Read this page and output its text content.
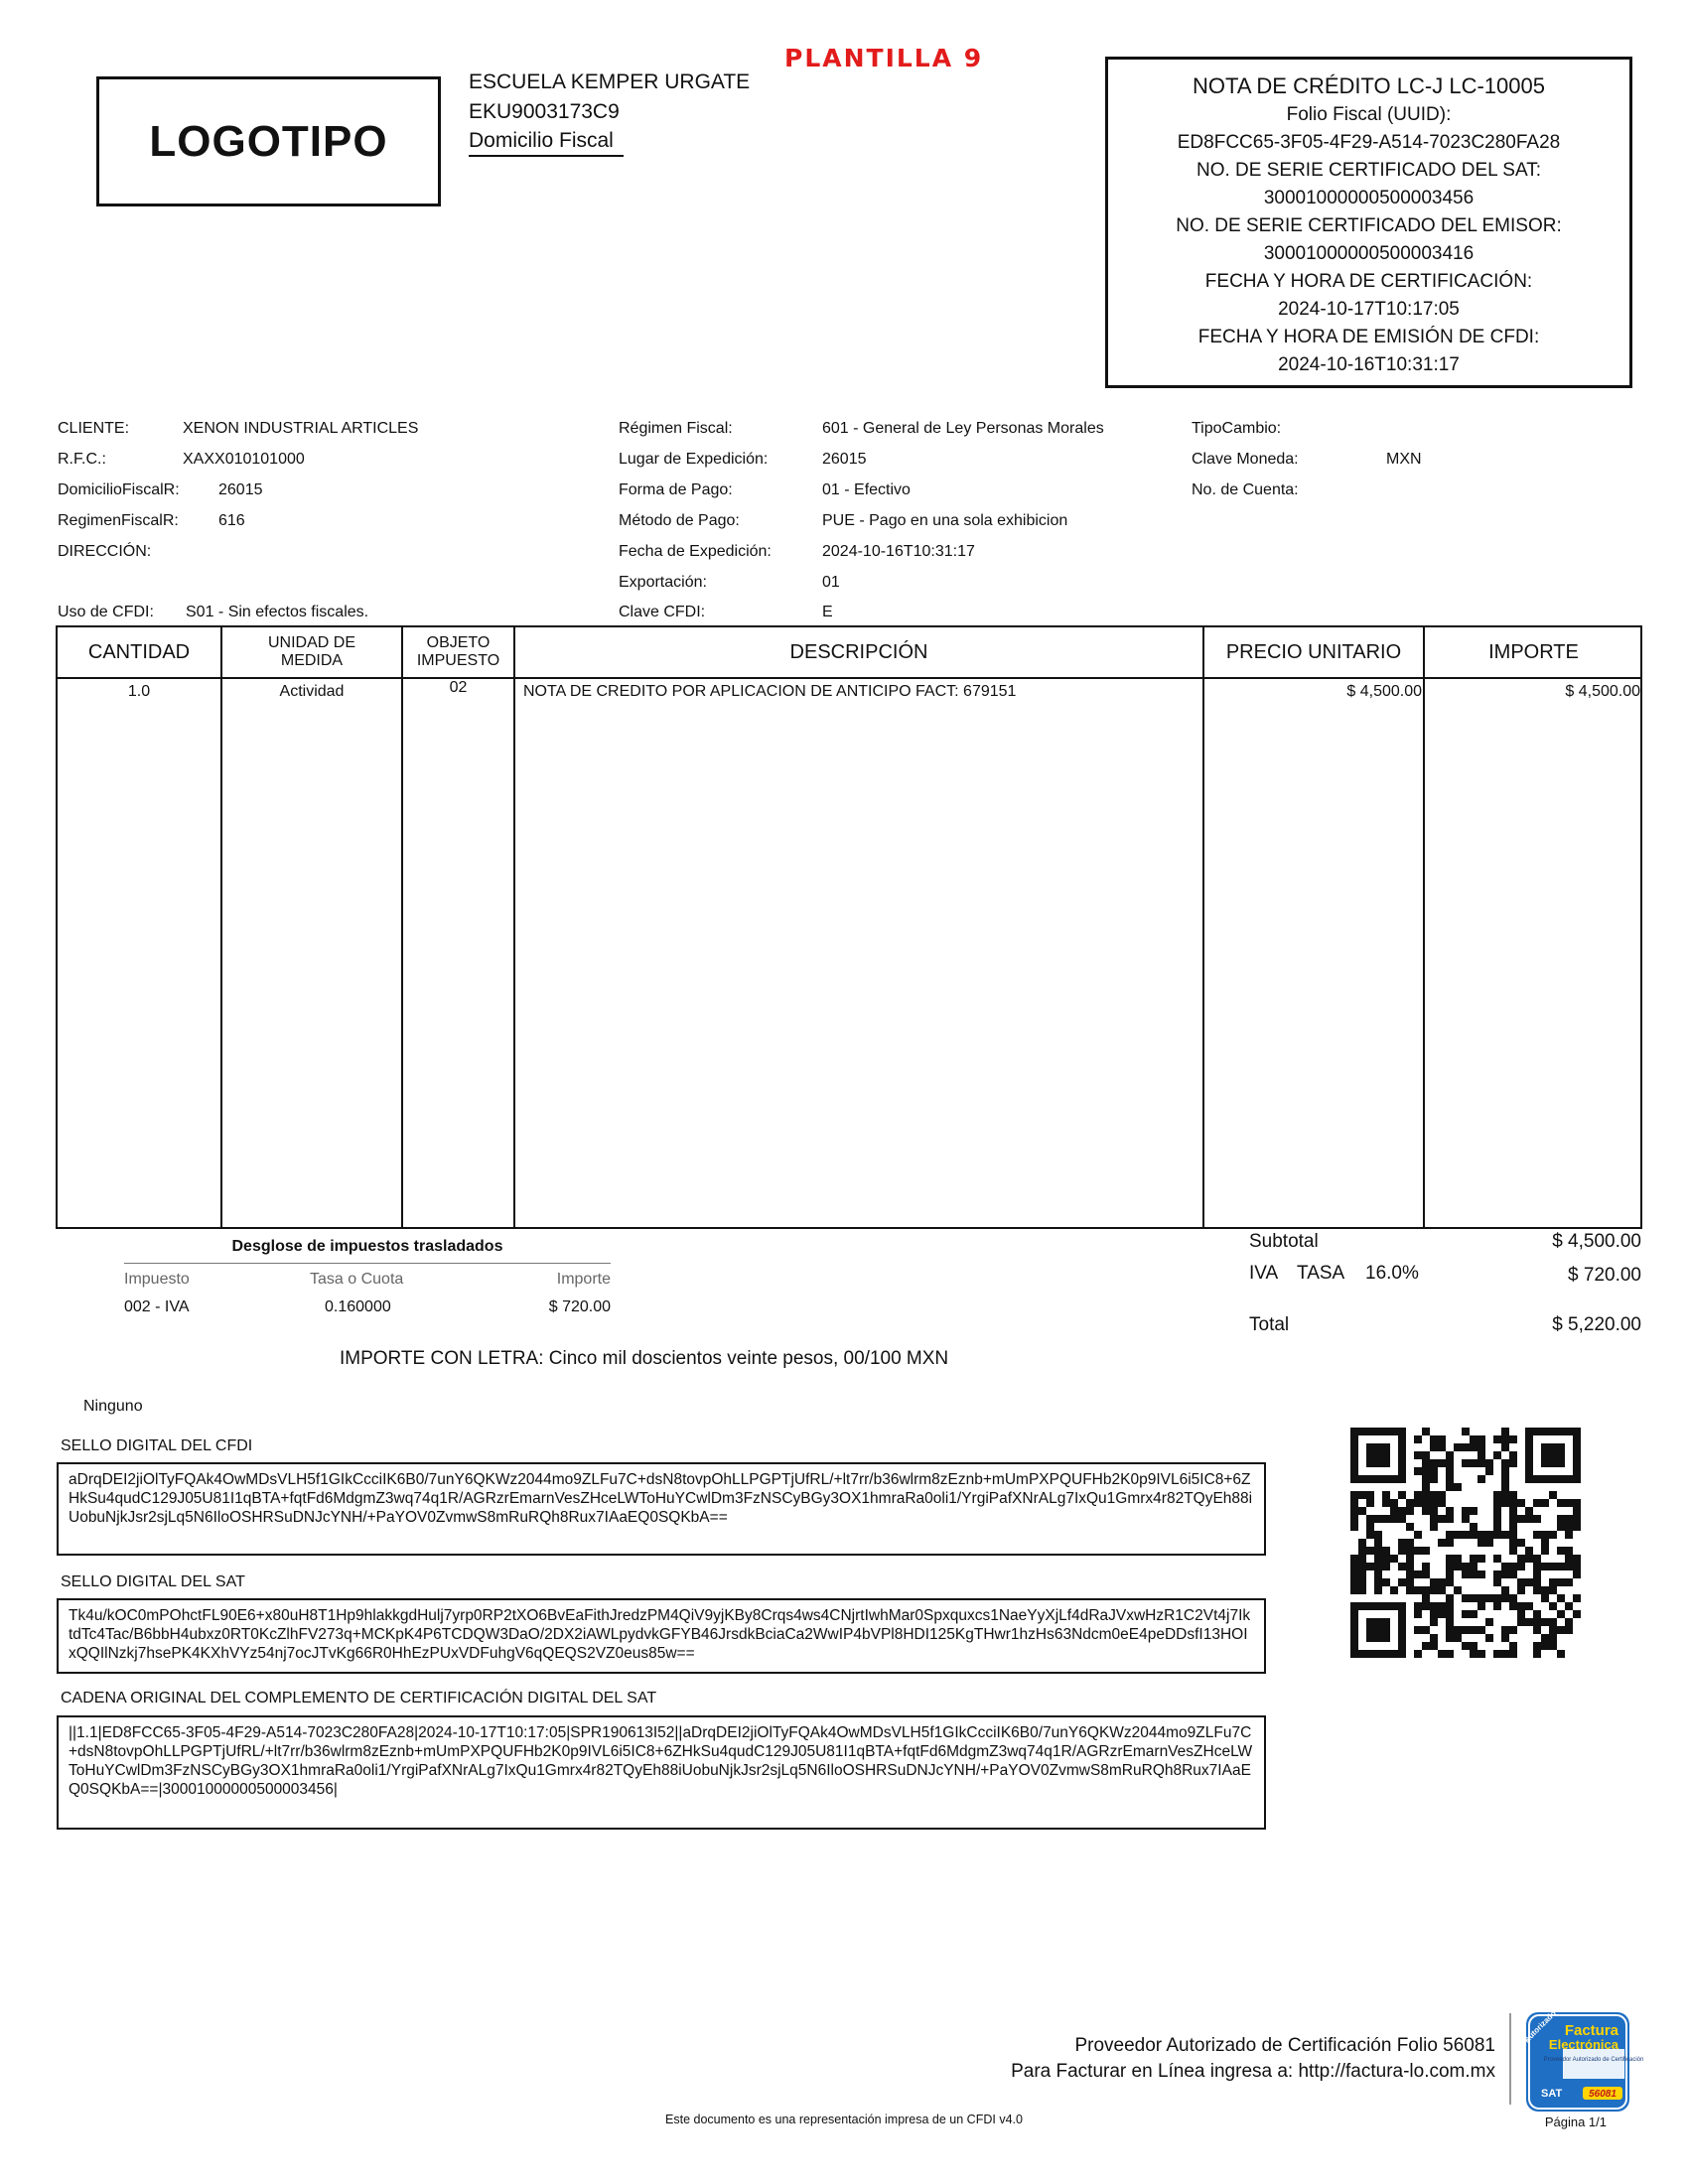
LOGOTIPO
ESCUELA KEMPER URGATE
EKU9003173C9
Domicilio Fiscal
PLANTILLA 9
NOTA DE CRÉDITO LC-J LC-10005
Folio Fiscal (UUID):
ED8FCC65-3F05-4F29-A514-7023C280FA28
NO. DE SERIE CERTIFICADO DEL SAT:
30001000000500003456
NO. DE SERIE CERTIFICADO DEL EMISOR:
30001000000500003416
FECHA Y HORA DE CERTIFICACIÓN:
2024-10-17T10:17:05
FECHA Y HORA DE EMISIÓN DE CFDI:
2024-10-16T10:31:17
CLIENTE:	XENON INDUSTRIAL ARTICLES
R.F.C.:	XAXX010101000
DomicilioFiscalR: 26015
RegimenFiscalR:	616
DIRECCIÓN:
Uso de CFDI: S01 - Sin efectos fiscales.
Régimen Fiscal:	601 - General de Ley Personas Morales
Lugar de Expedición:	26015
Forma de Pago:	01 - Efectivo
Método de Pago:	PUE - Pago en una sola exhibicion
Fecha de Expedición:	2024-10-16T10:31:17
Exportación:	01
Clave CFDI:	E
TipoCambio:
Clave Moneda:	MXN
No. de Cuenta:
CANTIDAD	UNIDAD DE
MEDIDA
OBJETO
IMPUESTO	DESCRIPCIÓN	PRECIO UNITARIO	IMPORTE
1.0	Actividad	02	NOTA DE CREDITO POR APLICACION DE ANTICIPO FACT: 679151	$ 4,500.00	$ 4,500.00
Desglose de impuestos trasladados
Impuesto	Tasa o Cuota	Importe
002 - IVA	0.160000	$ 720.00
Subtotal	$ 4,500.00
IVA TASA 16.0%	$ 720.00
Total	$ 5,220.00
IMPORTE CON LETRA: Cinco mil doscientos veinte pesos, 00/100 MXN
Ninguno
SELLO DIGITAL DEL CFDI
aDrqDEI2jiOlTyFQAk4OwMDsVLH5f1GIkCcciIK6B0/7unY6QKWz2044mo9ZLFu7C+dsN8tovpOhLLPGPTjUfRL/+lt7rr/b36wlrm8zEznb+mUmPXPQUFHb2K0p9IVL6i5IC8+6ZHkSu4qudC129J05U81I1qBTA+fqtFd6MdgmZ3wq74q1R/AGRzrEmarnVesZHceLWToHuYCwlDm3FzNSCyBGy3OX1hmraRa0oli1/YrgiPafXNrALg7IxQu1Gmrx4r82TQyEh88iUobuNjkJsr2sjLq5N6IloOSHRSuDNJcYNH/+PaYOV0ZvmwS8mRuRQh8Rux7IAaEQ0SQKbA==
SELLO DIGITAL DEL SAT
Tk4u/kOC0mPOhctFL90E6+x80uH8T1Hp9hlakkgdHulj7yrp0RP2tXO6BvEaFithJredzPM4QiV9yjKBy8Crqs4ws4CNjrtIwhMar0Spxquxcs1NaeYyXjLf4dRaJVxwHzR1C2Vt4j7IktdTc4Tac/B6bbH4ubxz0RT0KcZlhFV273q+MCKpK4P6TCDQW3DaO/2DX2iAWLpydvkGFYB46JrsdkBciaCa2WwIP4bVPl8HDI125KgTHwr1hzHs63Ndcm0eE4peDDsfI13HOIxQQIlNzkj7hsePK4KXhVYz54nj7ocJTvKg66R0HhEzPUxVDFuhgV6qQEQS2VZ0eus85w==
CADENA ORIGINAL DEL COMPLEMENTO DE CERTIFICACIÓN DIGITAL DEL SAT
||1.1|ED8FCC65-3F05-4F29-A514-7023C280FA28|2024-10-17T10:17:05|SPR190613I52||aDrqDEI2jiOlTyFQAk4OwMDsVLH5f1GIkCcciIK6B0/7unY6QKWz2044mo9ZLFu7C+dsN8tovpOhLLPGPTjUfRL/+lt7rr/b36wlrm8zEznb+mUmPXPQUFHb2K0p9IVL6i5IC8+6ZHkSu4qudC129J05U81I1qBTA+fqtFd6MdgmZ3wq74q1R/AGRzrEmarnVesZHceLWToHuYCwlDm3FzNSCyBGy3OX1hmraRa0oli1/YrgiPafXNrALg7IxQu1Gmrx4r82TQyEh88iUobuNjkJsr2sjLq5N6IloOSHRSuDNJcYNH/+PaYOV0ZvmwS8mRuRQh8Rux7IAaEQ0SQKbA==|30001000000500003456|
Proveedor Autorizado de Certificación Folio 56081
Para Facturar en Línea ingresa a: http://factura-lo.com.mx
Factura
Electrónica
Proveedor Autorizado de Certificación
SAT	56081
Autorizado
Este documento es una representación impresa de un CFDI v4.0	Página 1/1
